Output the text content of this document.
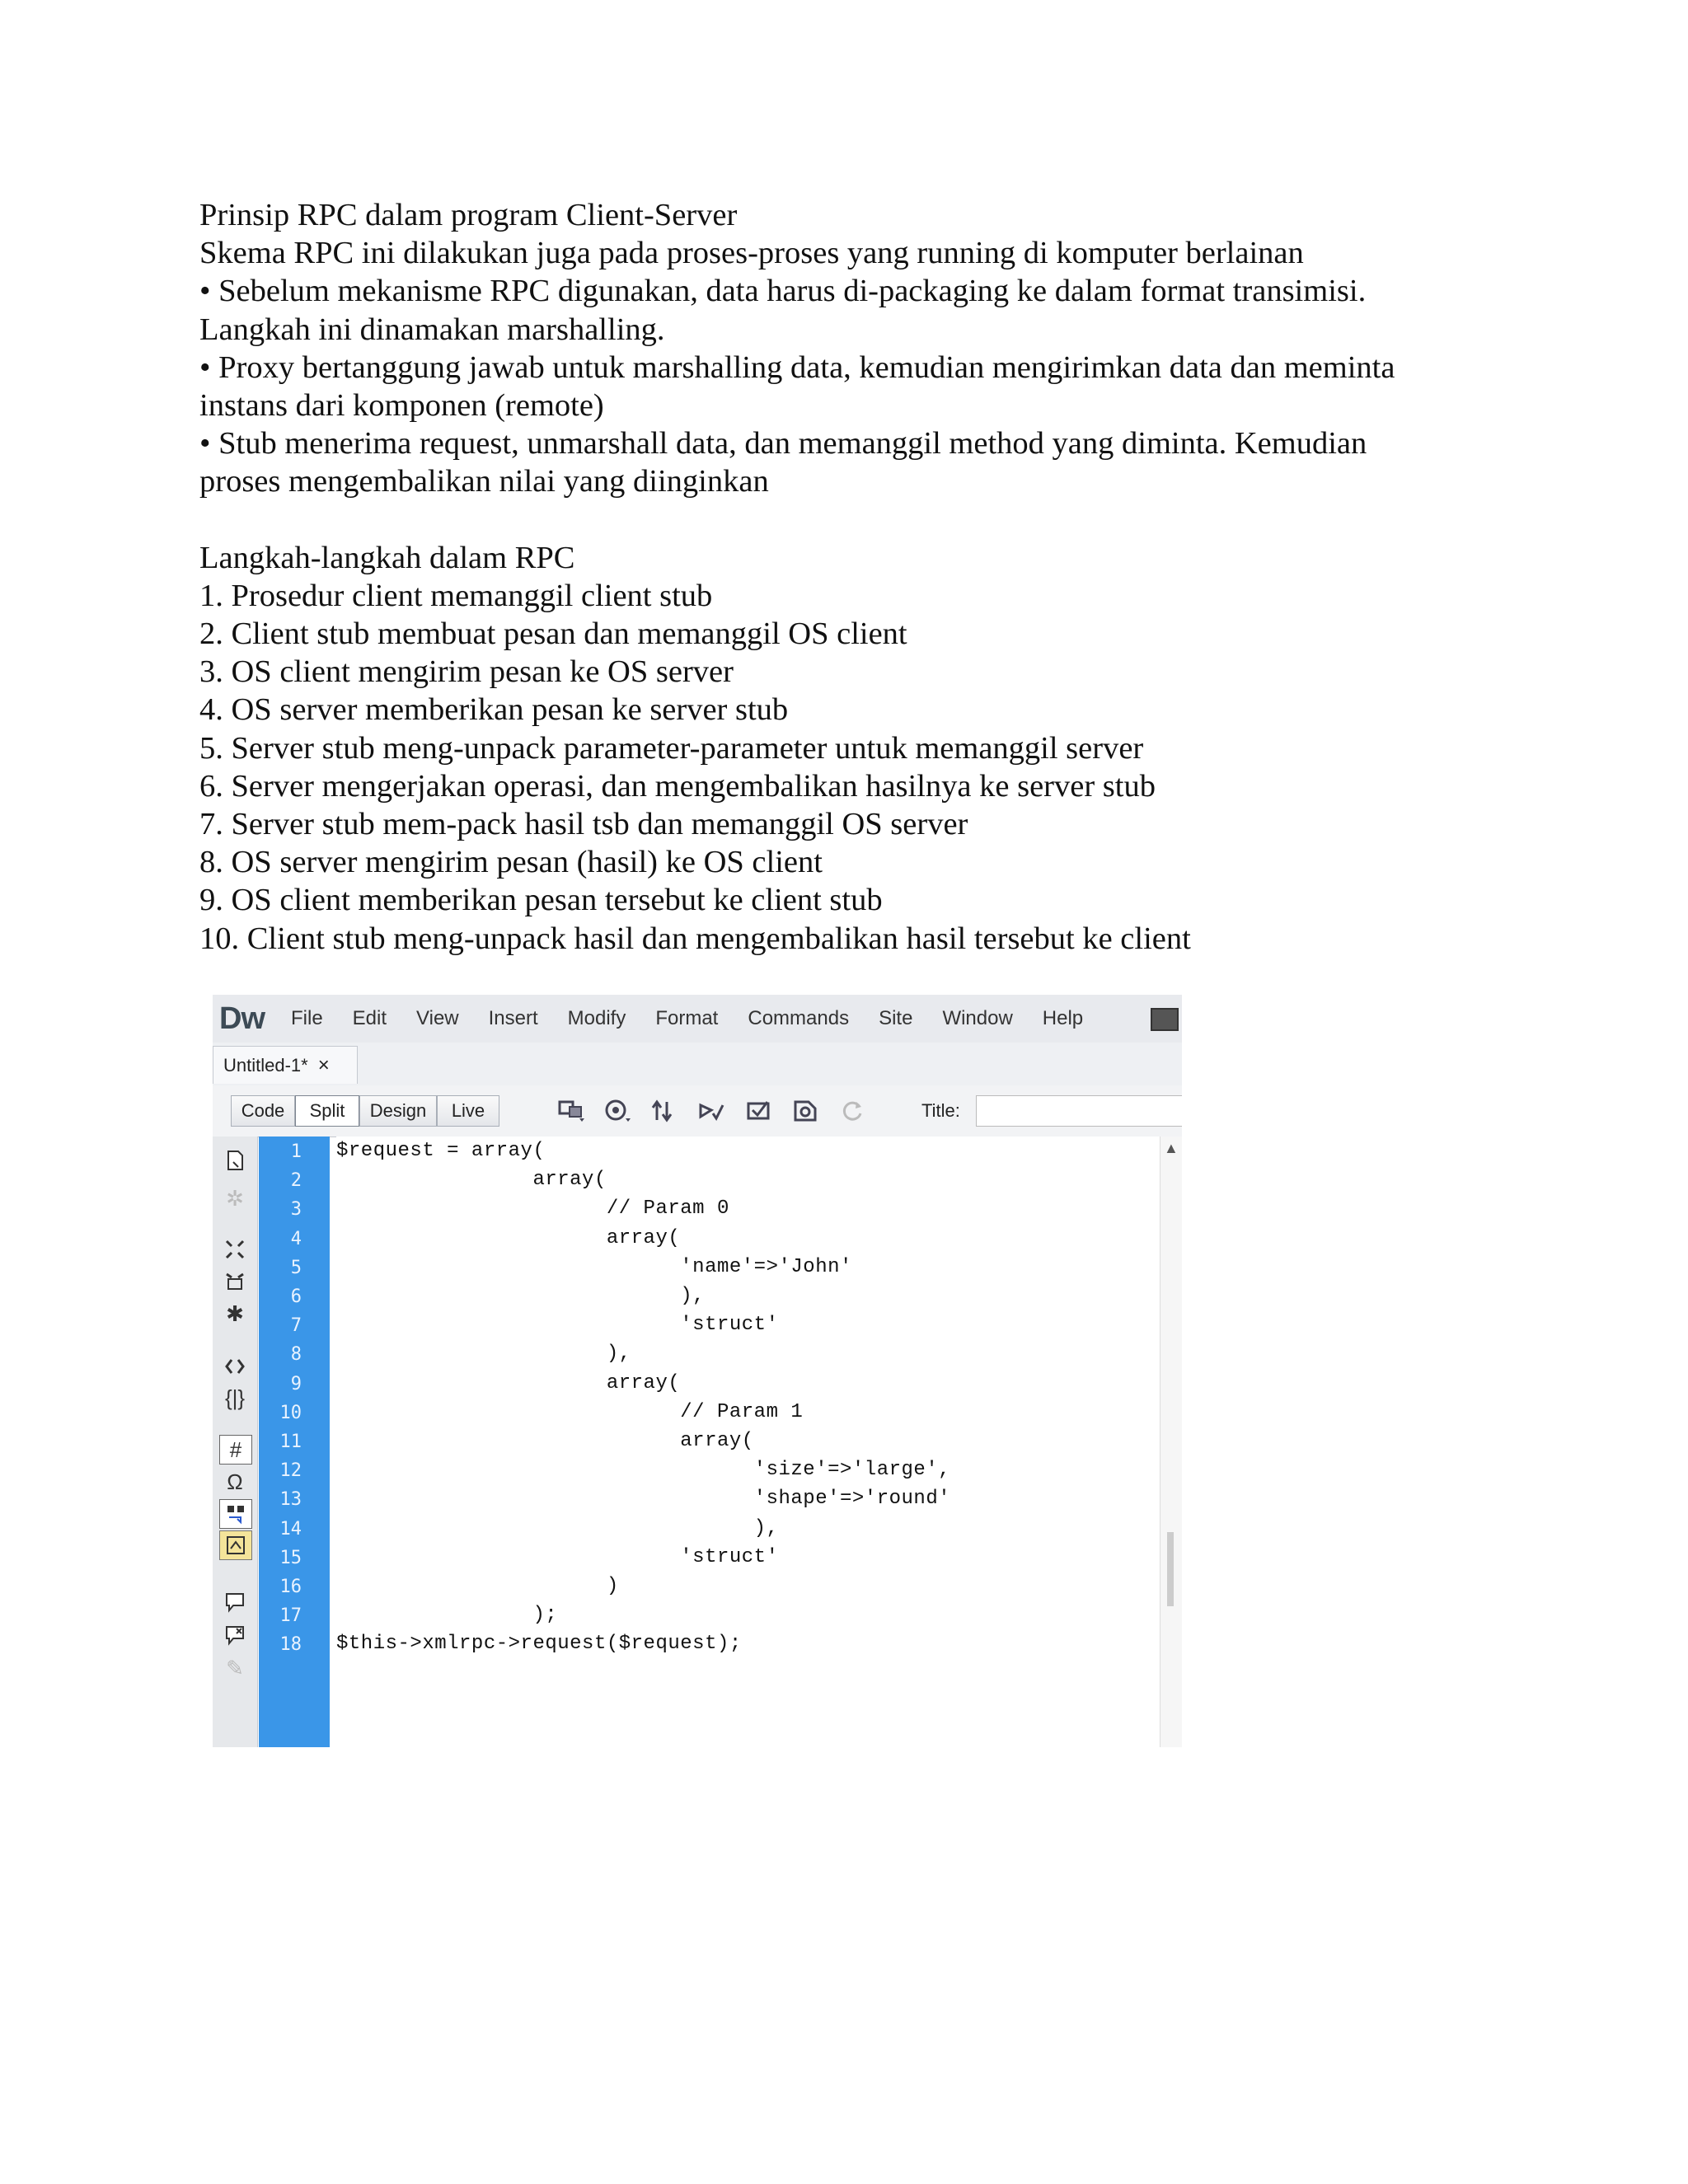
Prinsip RPC dalam program Client-Server
Skema RPC ini dilakukan juga pada proses-proses yang running di komputer berlainan
• Sebelum mekanisme RPC digunakan, data harus di-packaging ke dalam format transimisi.
Langkah ini dinamakan marshalling.
• Proxy bertanggung jawab untuk marshalling data, kemudian mengirimkan data dan meminta
instans dari komponen (remote)
• Stub menerima request, unmarshall data, dan memanggil method yang diminta. Kemudian
proses mengembalikan nilai yang diinginkan
Langkah-langkah dalam RPC
1. Prosedur client memanggil client stub
2. Client stub membuat pesan dan memanggil OS client
3. OS client mengirim pesan ke OS server
4. OS server memberikan pesan ke server stub
5. Server stub meng-unpack parameter-parameter untuk memanggil server
6. Server mengerjakan operasi, dan mengembalikan hasilnya ke server stub
7. Server stub mem-pack hasil tsb dan memanggil OS server
8. OS server mengirim pesan (hasil) ke OS client
9. OS client memberikan pesan tersebut ke client stub
10. Client stub meng-unpack hasil dan mengembalikan hasil tersebut ke client
Dw File Edit View Insert Modify Format Commands Site Window Help
Untitled-1* ×
Code	Split	Design	Live	Title:
✲
✱
{|}
#
Ω
✎
1
2
3
4
5
6
7
8
9
10
11
12
13
14
15
16
17
18
$request = array(
array(
// Param 0
array(
'name'=>'John'
),
'struct'
),
array(
// Param 1
array(
'size'=>'large',
'shape'=>'round'
),
'struct'
)
);
$this->xmlrpc->request($request);
▲
